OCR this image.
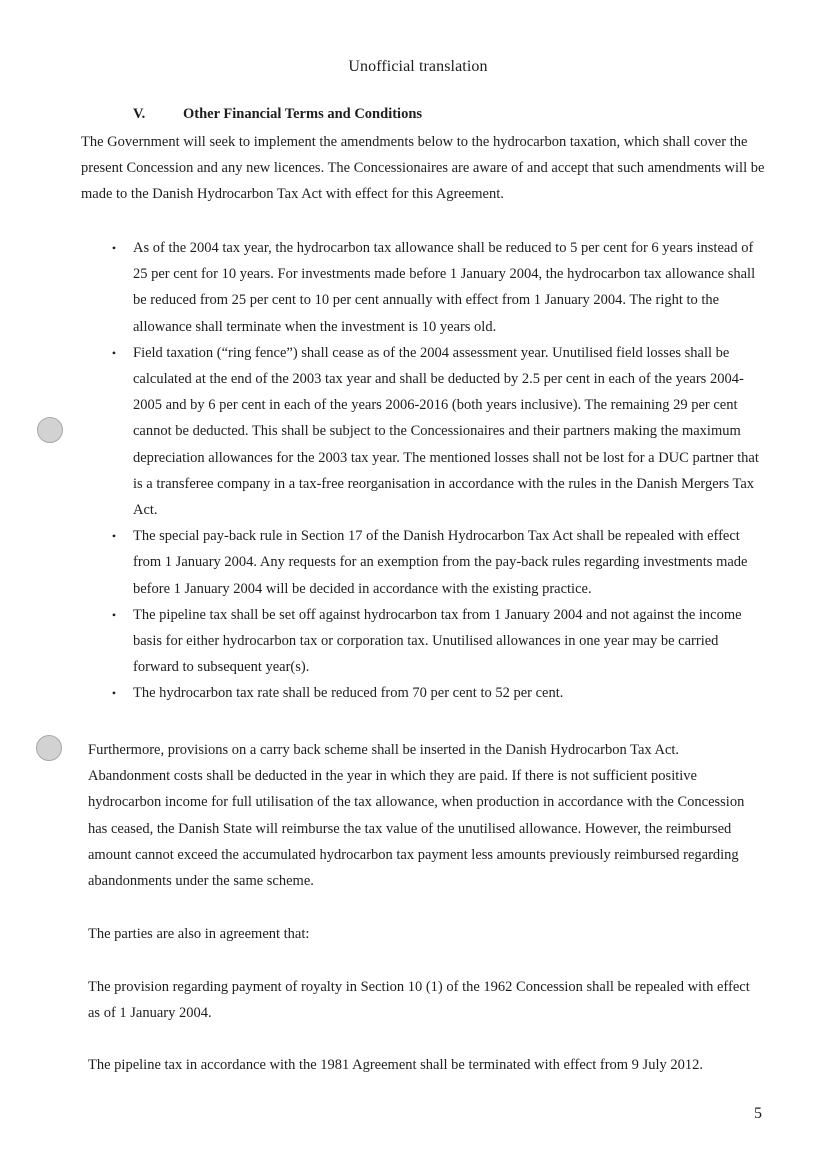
Unofficial translation
V.	Other Financial Terms and Conditions
The Government will seek to implement the amendments below to the hydrocarbon taxation, which shall cover the present Concession and any new licences. The Concessionaires are aware of and accept that such amendments will be made to the Danish Hydrocarbon Tax Act with effect for this Agreement.
• As of the 2004 tax year, the hydrocarbon tax allowance shall be reduced to 5 per cent for 6 years instead of 25 per cent for 10 years. For investments made before 1 January 2004, the hydrocarbon tax allowance shall be reduced from 25 per cent to 10 per cent annually with effect from 1 January 2004. The right to the allowance shall terminate when the investment is 10 years old.
• Field taxation (“ring fence”) shall cease as of the 2004 assessment year. Unutilised field losses shall be calculated at the end of the 2003 tax year and shall be deducted by 2.5 per cent in each of the years 2004-2005 and by 6 per cent in each of the years 2006-2016 (both years inclusive). The remaining 29 per cent cannot be deducted. This shall be subject to the Concessionaires and their partners making the maximum depreciation allowances for the 2003 tax year. The mentioned losses shall not be lost for a DUC partner that is a transferee company in a tax-free reorganisation in accordance with the rules in the Danish Mergers Tax Act.
• The special pay-back rule in Section 17 of the Danish Hydrocarbon Tax Act shall be repealed with effect from 1 January 2004. Any requests for an exemption from the pay-back rules regarding investments made before 1 January 2004 will be decided in accordance with the existing practice.
• The pipeline tax shall be set off against hydrocarbon tax from 1 January 2004 and not against the income basis for either hydrocarbon tax or corporation tax. Unutilised allowances in one year may be carried forward to subsequent year(s).
• The hydrocarbon tax rate shall be reduced from 70 per cent to 52 per cent.
Furthermore, provisions on a carry back scheme shall be inserted in the Danish Hydrocarbon Tax Act. Abandonment costs shall be deducted in the year in which they are paid. If there is not sufficient positive hydrocarbon income for full utilisation of the tax allowance, when production in accordance with the Concession has ceased, the Danish State will reimburse the tax value of the unutilised allowance. However, the reimbursed amount cannot exceed the accumulated hydrocarbon tax payment less amounts previously reimbursed regarding abandonments under the same scheme.
The parties are also in agreement that:
The provision regarding payment of royalty in Section 10 (1) of the 1962 Concession shall be repealed with effect as of 1 January 2004.
The pipeline tax in accordance with the 1981 Agreement shall be terminated with effect from 9 July 2012.
5
